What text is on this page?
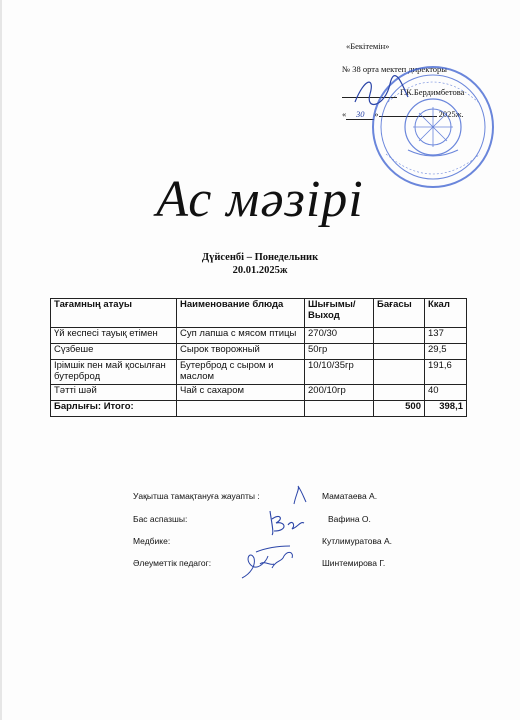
«Бекітемін»
№ 38 орта мектеп директоры
Г.К.Бердимбетова
« 30 »	2025ж.
Ас мәзірі
Дүйсенбі – Понедельник
20.01.2025ж
Тағамның атауы	Наименование блюда	Шығымы/ Выход	Бағасы	Ккал
Үй кеспесі тауық етімен	Суп лапша с мясом птицы	270/30		137
Сүзбеше	Сырок творожный	50гр		29,5
Ірімшік пен май қосылған бутерброд	Бутерброд с сыром и маслом	10/10/35гр		191,6
Тәтті шәй	Чай с сахаром	200/10гр		40
Барлығы: Итого:			500	398,1
Уақытша тамақтануға жауапты :	Маматаева А.
Бас аспазшы:	Вафина О.
Медбике:	Кутлимуратова А.
Әлеуметтік педагог:	Шинтемирова Г.
